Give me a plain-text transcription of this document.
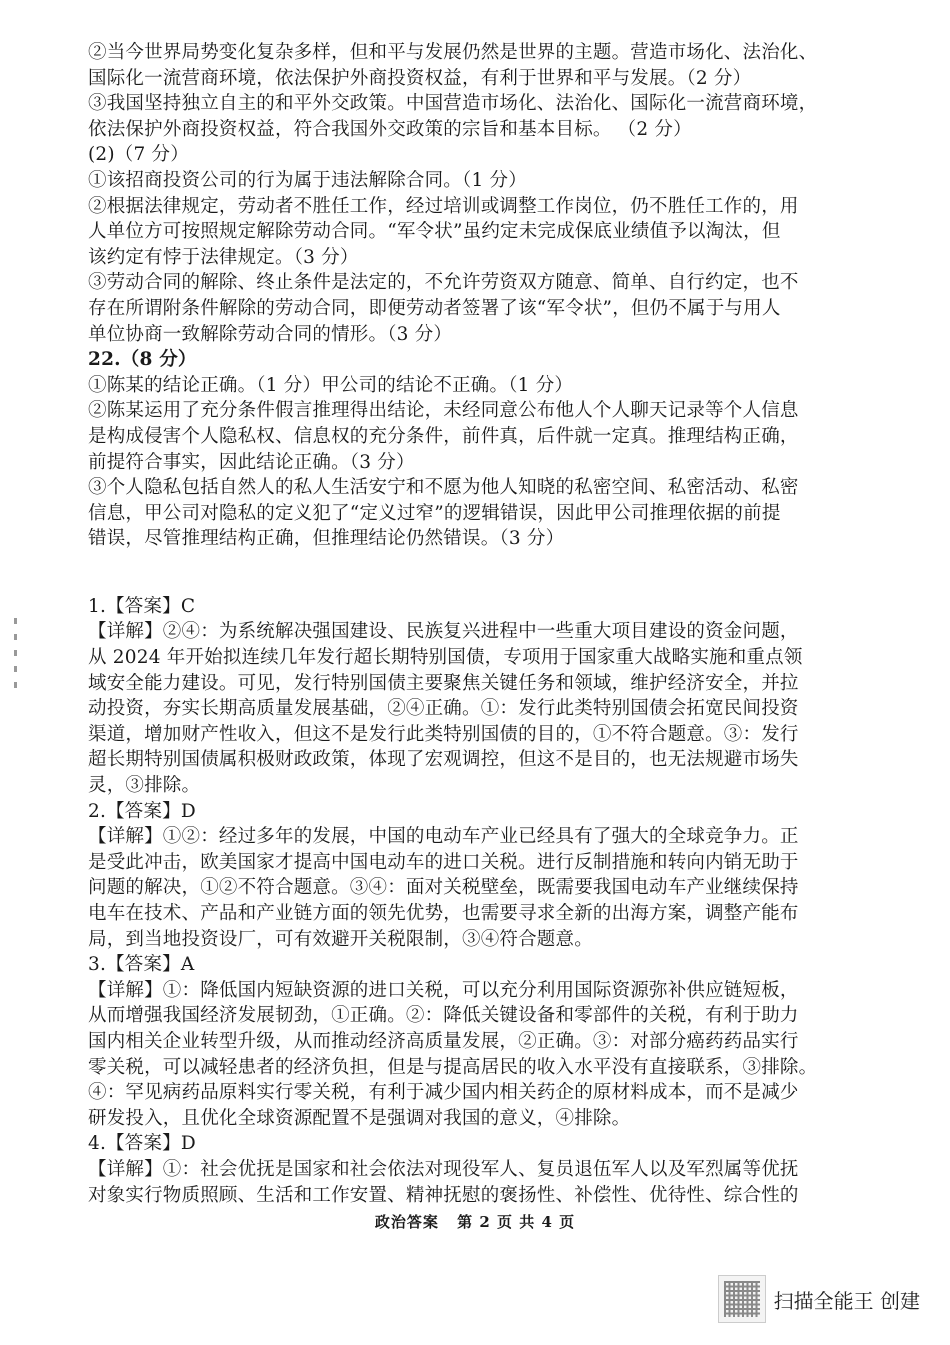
②当今世界局势变化复杂多样，但和平与发展仍然是世界的主题。营造市场化、法治化、
国际化一流营商环境，依法保护外商投资权益，有利于世界和平与发展。（2 分）
③我国坚持独立自主的和平外交政策。中国营造市场化、法治化、国际化一流营商环境，
依法保护外商投资权益，符合我国外交政策的宗旨和基本目标。 （2 分）
(2)（7 分）
①该招商投资公司的行为属于违法解除合同。（1 分）
②根据法律规定，劳动者不胜任工作，经过培训或调整工作岗位，仍不胜任工作的，用
人单位方可按照规定解除劳动合同。“军令状”虽约定未完成保底业绩值予以淘汰，但
该约定有悖于法律规定。（3 分）
③劳动合同的解除、终止条件是法定的，不允许劳资双方随意、简单、自行约定，也不
存在所谓附条件解除的劳动合同，即便劳动者签署了该“军令状”，但仍不属于与用人
单位协商一致解除劳动合同的情形。（3 分）
22.（8 分）
①陈某的结论正确。（1 分）甲公司的结论不正确。（1 分）
②陈某运用了充分条件假言推理得出结论，未经同意公布他人个人聊天记录等个人信息
是构成侵害个人隐私权、信息权的充分条件，前件真，后件就一定真。推理结构正确，
前提符合事实，因此结论正确。（3 分）
③个人隐私包括自然人的私人生活安宁和不愿为他人知晓的私密空间、私密活动、私密
信息，甲公司对隐私的定义犯了“定义过窄”的逻辑错误，因此甲公司推理依据的前提
错误，尽管推理结构正确，但推理结论仍然错误。（3 分）
1.【答案】C
【详解】②④：为系统解决强国建设、民族复兴进程中一些重大项目建设的资金问题，
从 2024 年开始拟连续几年发行超长期特别国债，专项用于国家重大战略实施和重点领
域安全能力建设。可见，发行特别国债主要聚焦关键任务和领域，维护经济安全，并拉
动投资，夯实长期高质量发展基础，②④正确。①：发行此类特别国债会拓宽民间投资
渠道，增加财产性收入，但这不是发行此类特别国债的目的，①不符合题意。③：发行
超长期特别国债属积极财政政策，体现了宏观调控，但这不是目的，也无法规避市场失
灵，③排除。
2.【答案】D
【详解】①②：经过多年的发展，中国的电动车产业已经具有了强大的全球竞争力。正
是受此冲击，欧美国家才提高中国电动车的进口关税。进行反制措施和转向内销无助于
问题的解决，①②不符合题意。③④：面对关税壁垒，既需要我国电动车产业继续保持
电车在技术、产品和产业链方面的领先优势，也需要寻求全新的出海方案，调整产能布
局，到当地投资设厂，可有效避开关税限制，③④符合题意。
3.【答案】A
【详解】①：降低国内短缺资源的进口关税，可以充分利用国际资源弥补供应链短板，
从而增强我国经济发展韧劲，①正确。②：降低关键设备和零部件的关税，有利于助力
国内相关企业转型升级，从而推动经济高质量发展，②正确。③：对部分癌药药品实行
零关税，可以减轻患者的经济负担，但是与提高居民的收入水平没有直接联系，③排除。
④：罕见病药品原料实行零关税，有利于减少国内相关药企的原材料成本，而不是减少
研发投入，且优化全球资源配置不是强调对我国的意义，④排除。
4.【答案】D
【详解】①：社会优抚是国家和社会依法对现役军人、复员退伍军人以及军烈属等优抚
对象实行物质照顾、生活和工作安置、精神抚慰的褒扬性、补偿性、优待性、综合性的
政治答案 第 2 页 共 4 页
扫描全能王 创建
